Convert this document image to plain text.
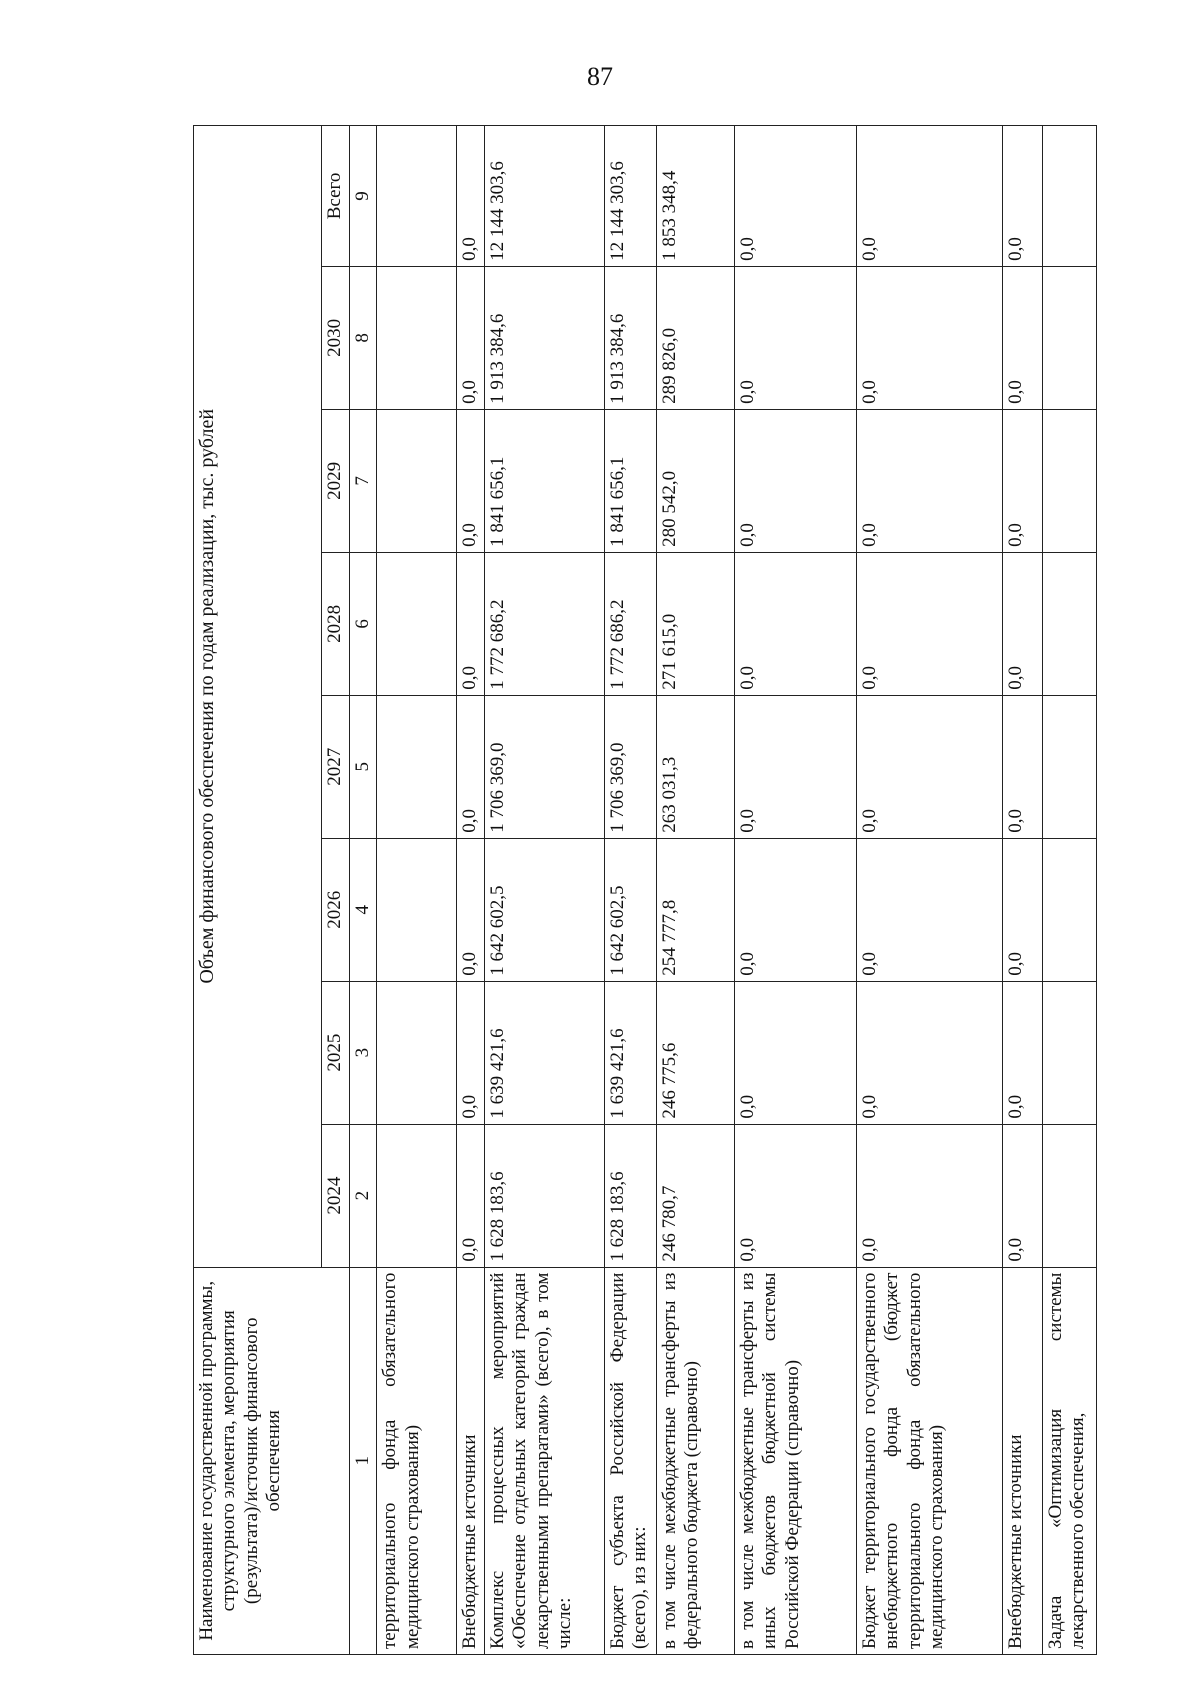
87
Наименование государственной программы, структурного элемента, мероприятия (результата)/источник финансового обеспечения	Объем финансового обеспечения по годам реализации, тыс. рублей							
	2024	2025	2026	2027	2028	2029	2030	Всего
1	2	3	4	5	6	7	8	9
территориального фонда обязательного медицинского страхования)								
Внебюджетные источники	0,0	0,0	0,0	0,0	0,0	0,0	0,0	0,0
Комплекс процессных мероприятий «Обеспечение отдельных категорий граждан лекарственными препаратами» (всего), в том числе:	1 628 183,6	1 639 421,6	1 642 602,5	1 706 369,0	1 772 686,2	1 841 656,1	1 913 384,6	12 144 303,6
Бюджет субъекта Российской Федерации (всего), из них:	1 628 183,6	1 639 421,6	1 642 602,5	1 706 369,0	1 772 686,2	1 841 656,1	1 913 384,6	12 144 303,6
в том числе межбюджетные трансферты из федерального бюджета (справочно)	246 780,7	246 775,6	254 777,8	263 031,3	271 615,0	280 542,0	289 826,0	1 853 348,4
в том числе межбюджетные трансферты из иных бюджетов бюджетной системы Российской Федерации (справочно)	0,0	0,0	0,0	0,0	0,0	0,0	0,0	0,0
Бюджет территориального государственного внебюджетного фонда (бюджет территориального фонда обязательного медицинского страхования)	0,0	0,0	0,0	0,0	0,0	0,0	0,0	0,0
Внебюджетные источники	0,0	0,0	0,0	0,0	0,0	0,0	0,0	0,0
Задача «Оптимизация системы лекарственного обеспечения,								
